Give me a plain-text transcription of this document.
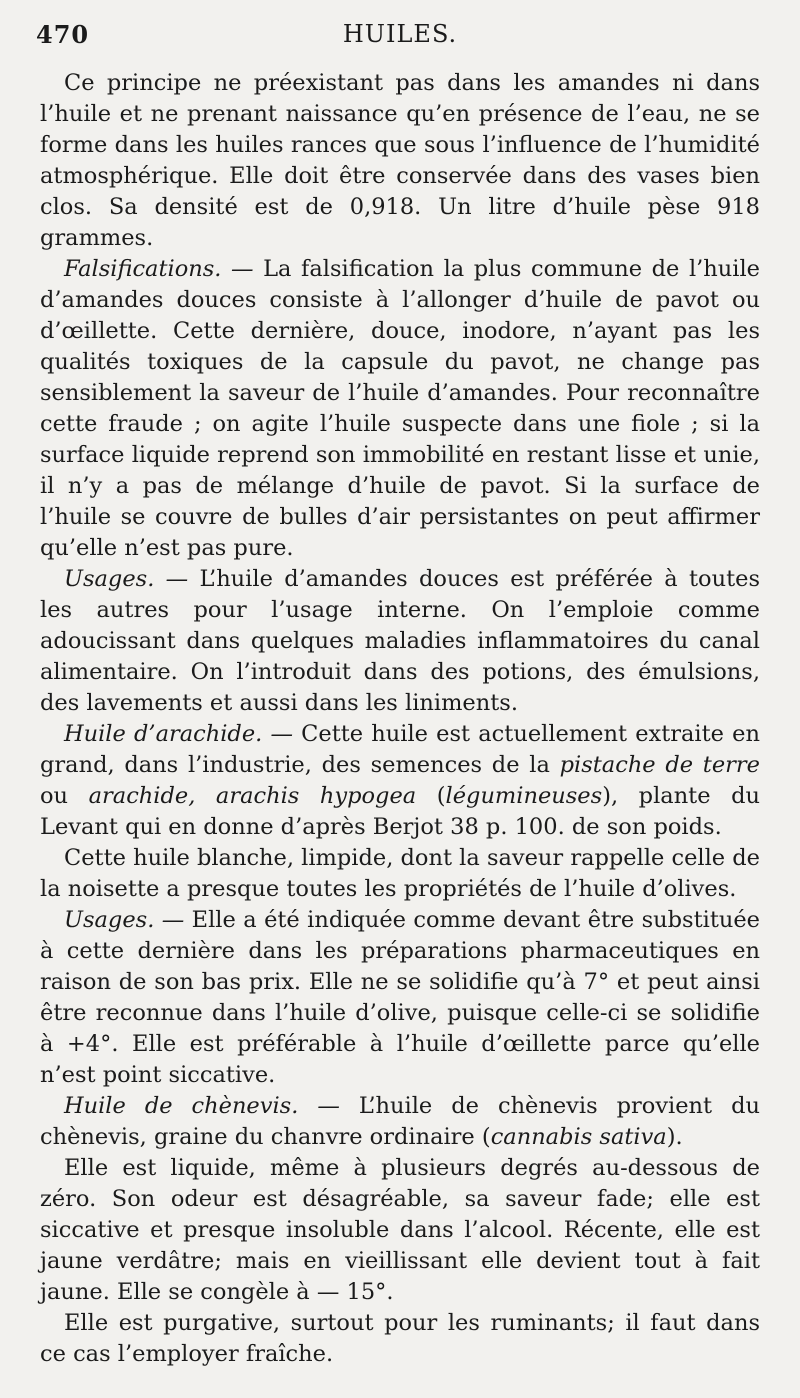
470	HUILES.

Ce principe ne préexistant pas dans les amandes ni dans l’huile et ne prenant naissance qu’en présence de l’eau, ne se forme dans les huiles rances que sous l’influence de l’humidité atmosphérique. Elle doit être conservée dans des vases bien clos. Sa densité est de 0,918. Un litre d’huile pèse 918 grammes.

Falsifications. — La falsification la plus commune de l’huile d’amandes douces consiste à l’allonger d’huile de pavot ou d’œillette. Cette dernière, douce, inodore, n’ayant pas les qualités toxiques de la capsule du pavot, ne change pas sensiblement la saveur de l’huile d’amandes. Pour reconnaître cette fraude ; on agite l’huile suspecte dans une fiole ; si la surface liquide reprend son immobilité en restant lisse et unie, il n’y a pas de mélange d’huile de pavot. Si la surface de l’huile se couvre de bulles d’air persistantes on peut affirmer qu’elle n’est pas pure.

Usages. — L’huile d’amandes douces est préférée à toutes les autres pour l’usage interne. On l’emploie comme adoucissant dans quelques maladies inflammatoires du canal alimentaire. On l’introduit dans des potions, des émulsions, des lavements et aussi dans les liniments.

Huile d’arachide. — Cette huile est actuellement extraite en grand, dans l’industrie, des semences de la pistache de terre ou arachide, arachis hypogea (légumineuses), plante du Levant qui en donne d’après Berjot 38 p. 100. de son poids.

Cette huile blanche, limpide, dont la saveur rappelle celle de la noisette a presque toutes les propriétés de l’huile d’olives.

Usages. — Elle a été indiquée comme devant être substituée à cette dernière dans les préparations pharmaceutiques en raison de son bas prix. Elle ne se solidifie qu’à 7° et peut ainsi être reconnue dans l’huile d’olive, puisque celle-ci se solidifie à +4°. Elle est préférable à l’huile d’œillette parce qu’elle n’est point siccative.

Huile de chènevis. — L’huile de chènevis provient du chènevis, graine du chanvre ordinaire (cannabis sativa).

Elle est liquide, même à plusieurs degrés au-dessous de zéro. Son odeur est désagréable, sa saveur fade; elle est siccative et presque insoluble dans l’alcool. Récente, elle est jaune verdâtre; mais en vieillissant elle devient tout à fait jaune. Elle se congèle à — 15°.

Elle est purgative, surtout pour les ruminants; il faut dans ce cas l’employer fraîche.
